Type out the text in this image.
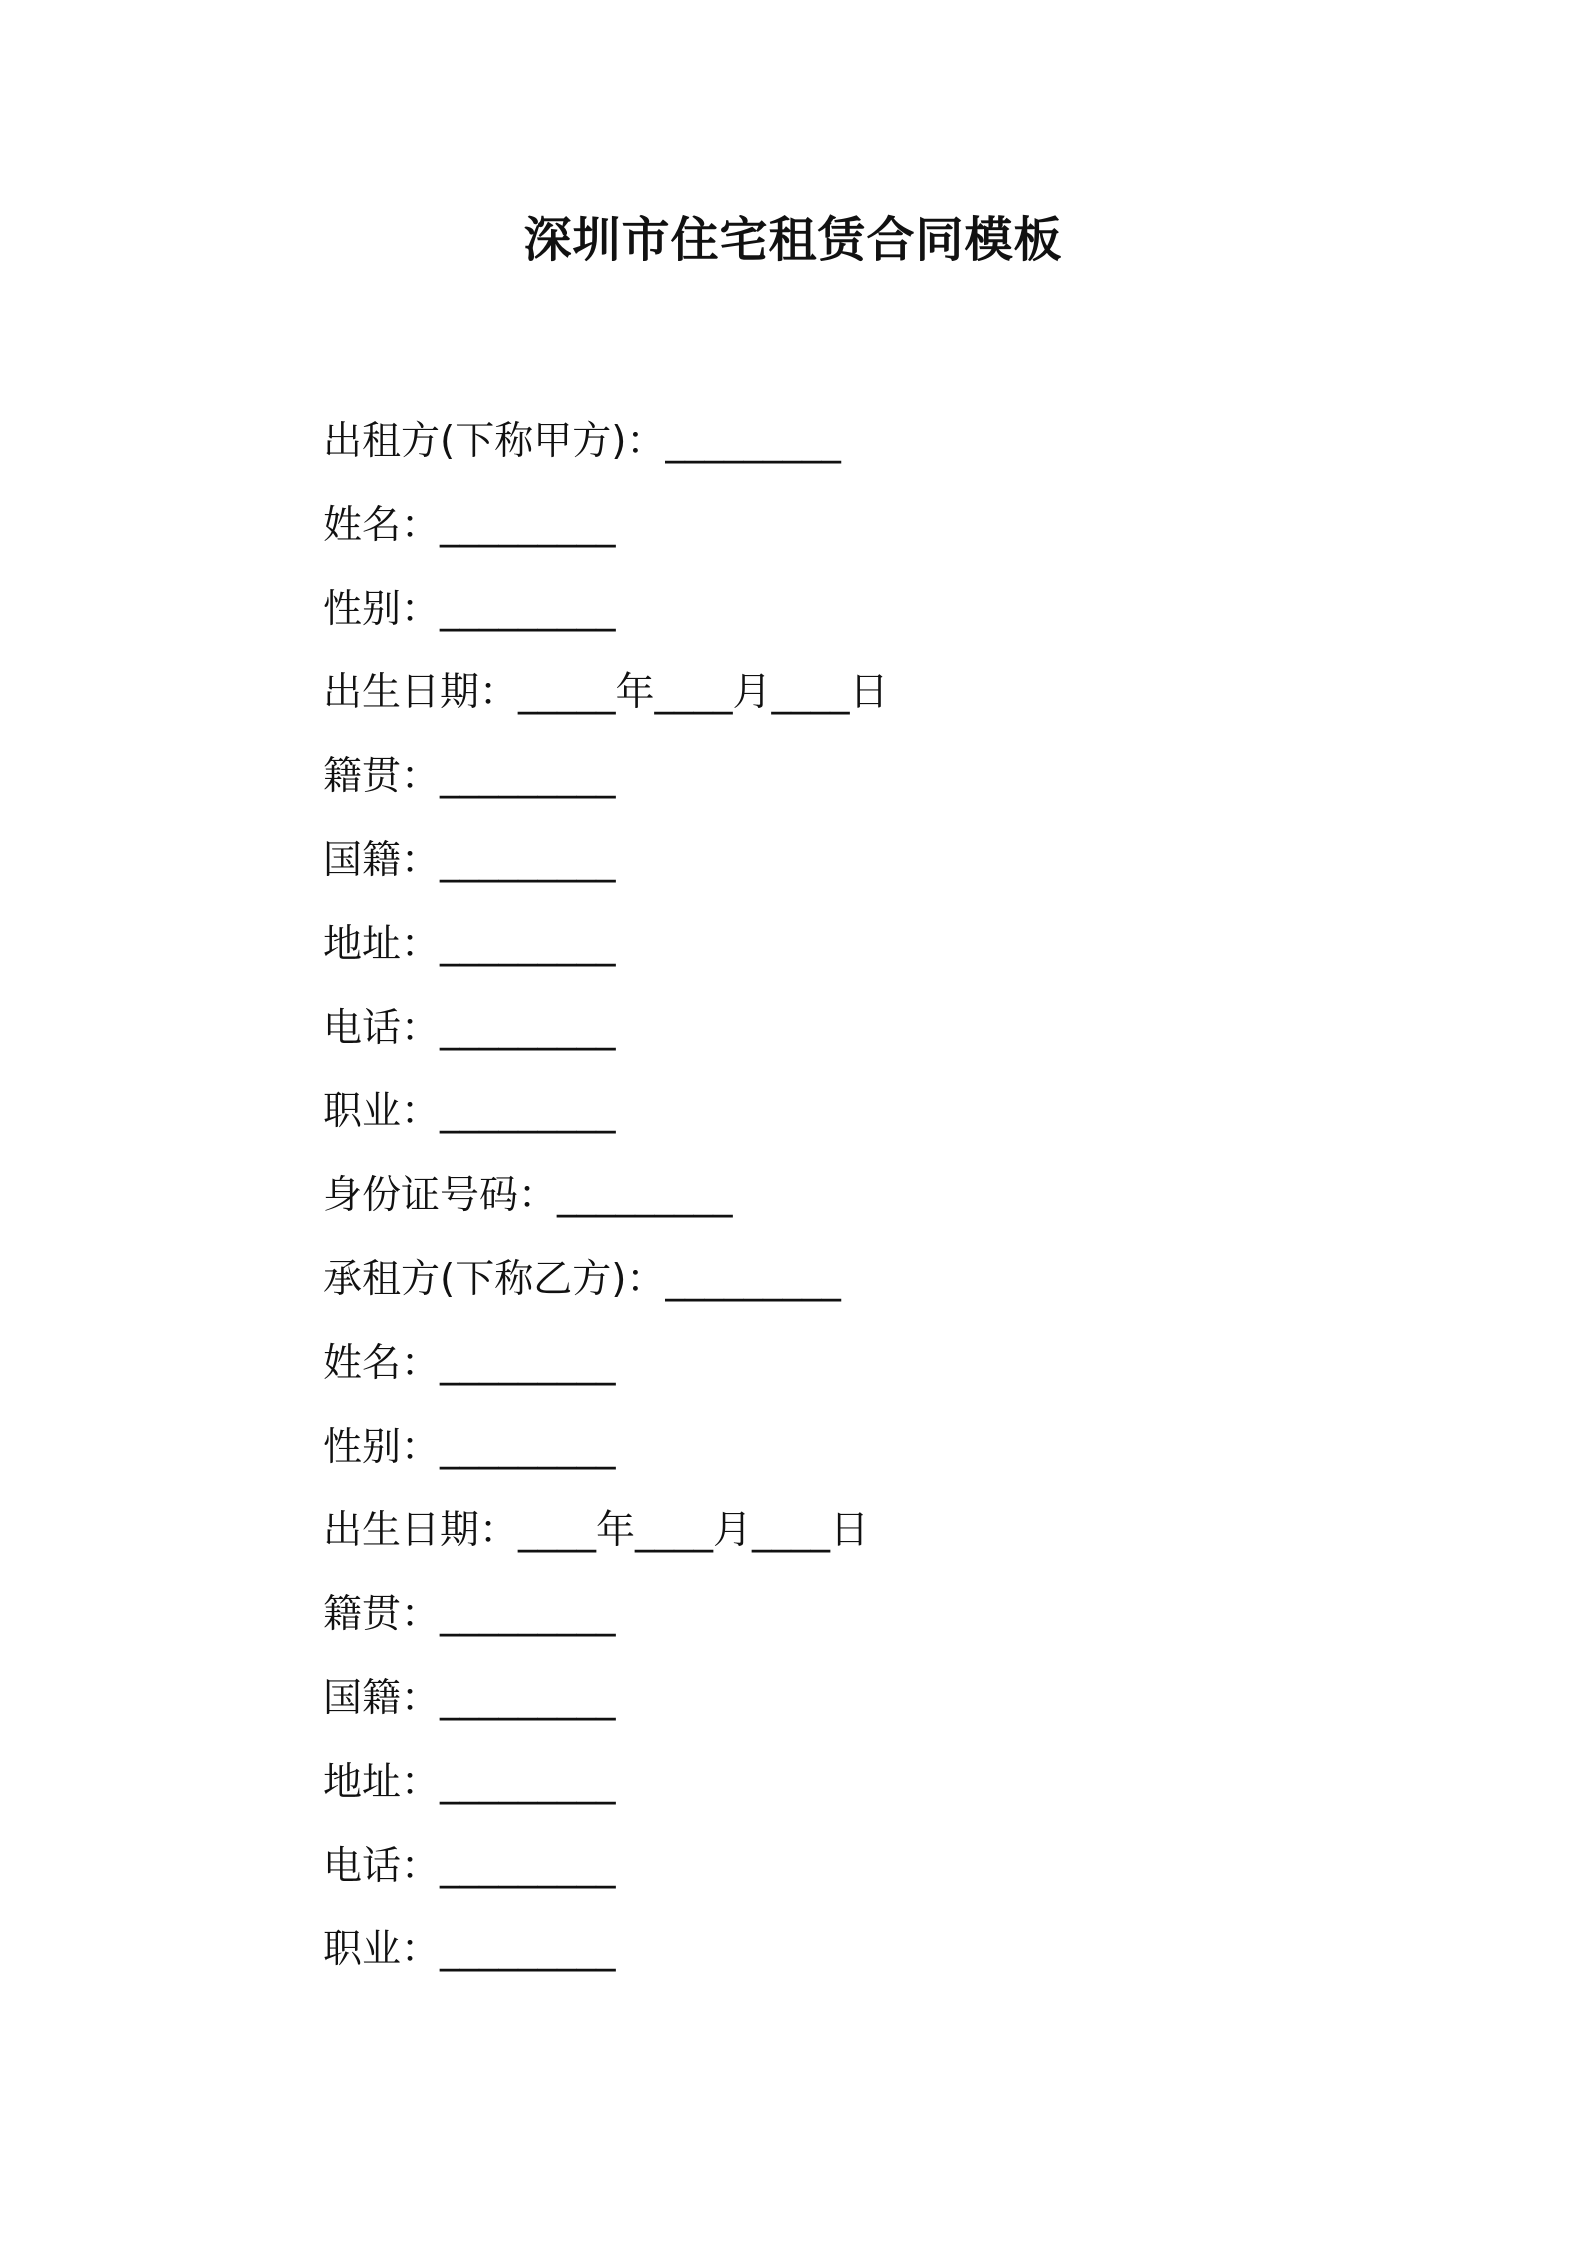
深圳市住宅租赁合同模板
出租方(下称甲方)：_________
姓名：_________
性别：_________
出生日期：_____年____月____日
籍贯：_________
国籍：_________
地址：_________
电话：_________
职业：_________
身份证号码：_________
承租方(下称乙方)：_________
姓名：_________
性别：_________
出生日期：____年____月____日
籍贯：_________
国籍：_________
地址：_________
电话：_________
职业：_________
